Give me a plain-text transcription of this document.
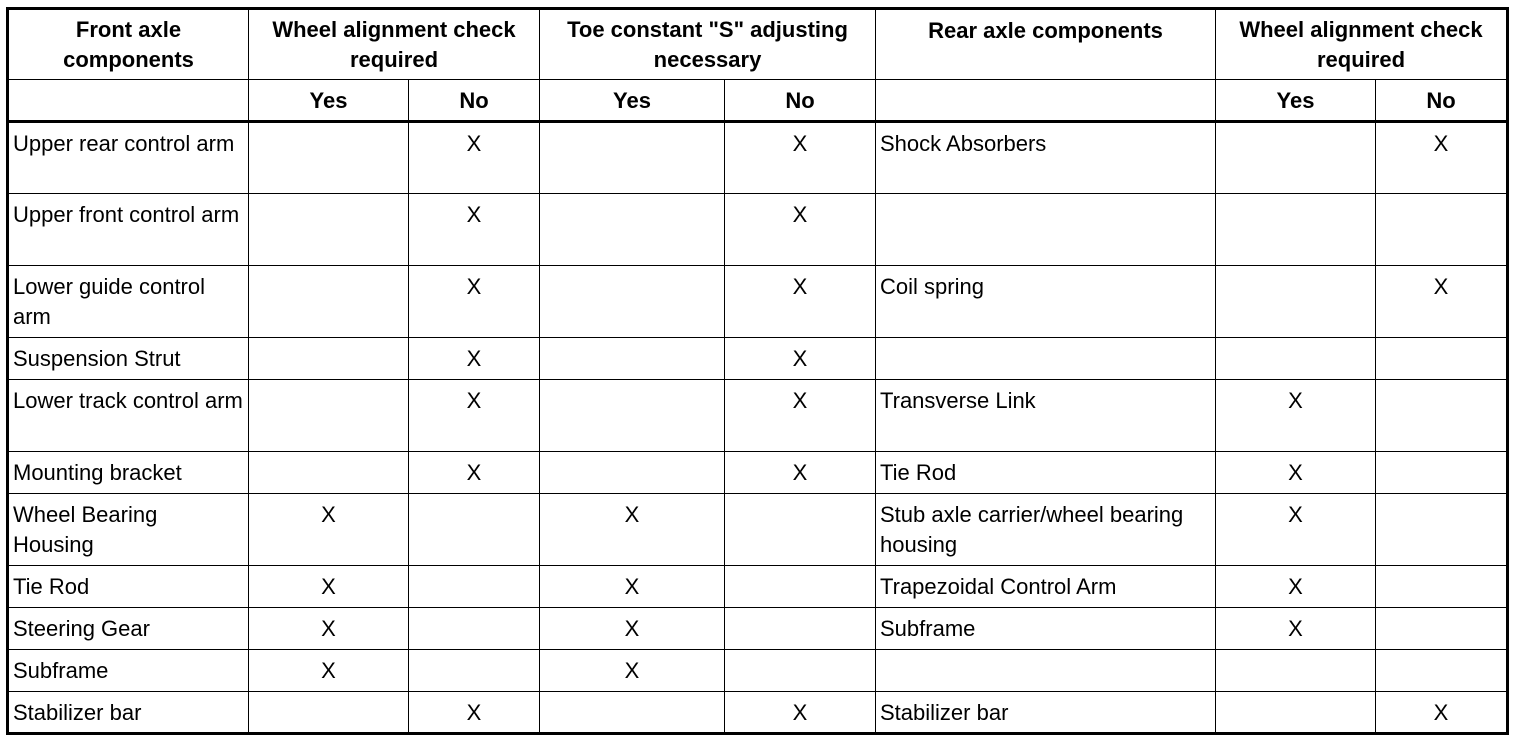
Front axle components	Wheel alignment check required		Toe constant "S" adjusting necessary		Rear axle components	Wheel alignment check required	
	Yes	No	Yes	No		Yes	No
Upper rear control arm		X		X	Shock Absorbers		X
Upper front control arm		X		X			
Lower guide control arm		X		X	Coil spring		X
Suspension Strut		X		X			
Lower track control arm		X		X	Transverse Link	X	
Mounting bracket		X		X	Tie Rod	X	
Wheel Bearing Housing	X		X		Stub axle carrier/wheel bearing housing	X	
Tie Rod	X		X		Trapezoidal Control Arm	X	
Steering Gear	X		X		Subframe	X	
Subframe	X		X				
Stabilizer bar		X		X	Stabilizer bar		X
